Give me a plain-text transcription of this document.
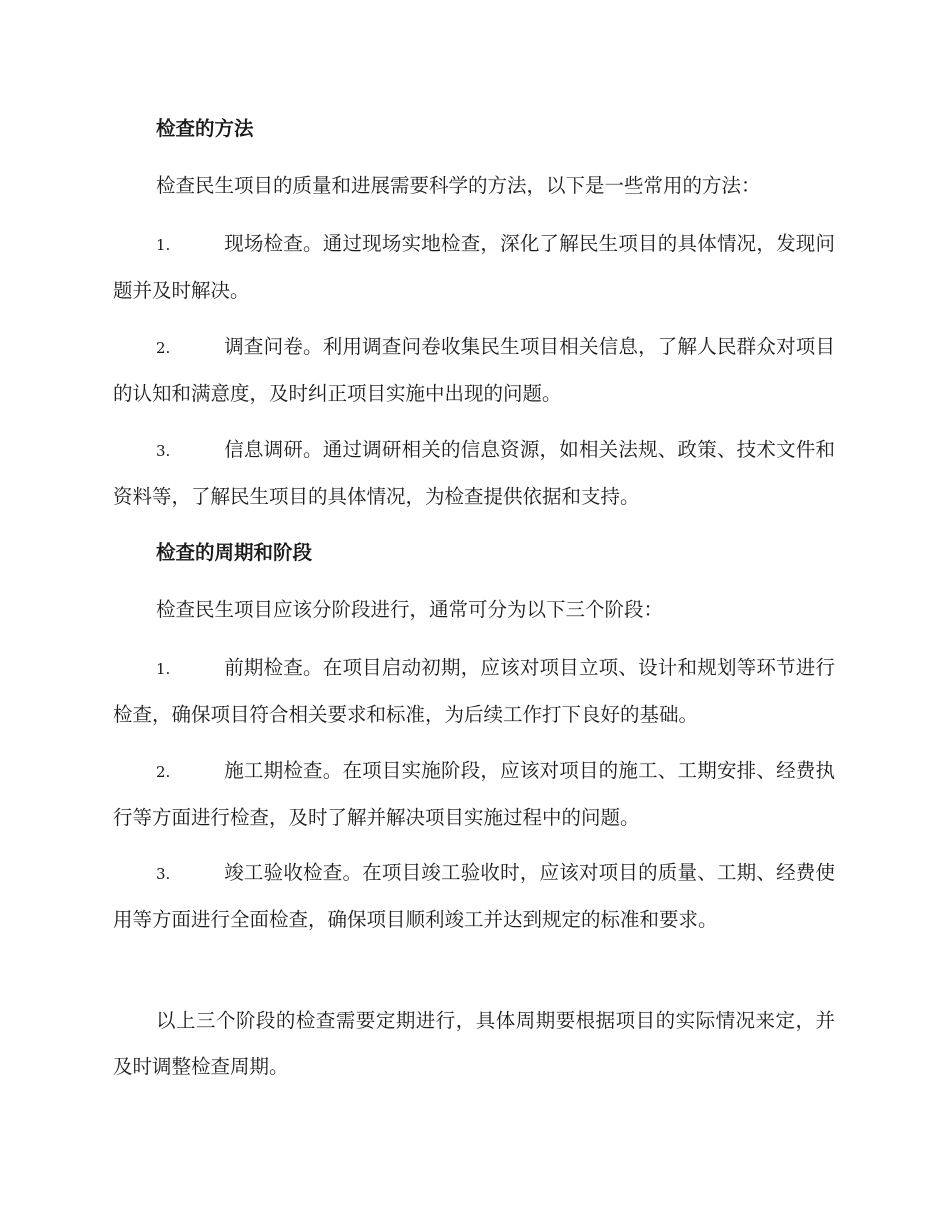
检查的方法

检查民生项目的质量和进展需要科学的方法，以下是一些常用的方法：

1.	现场检查。通过现场实地检查，深化了解民生项目的具体情况，发现问题并及时解决。

2.	调查问卷。利用调查问卷收集民生项目相关信息，了解人民群众对项目的认知和满意度，及时纠正项目实施中出现的问题。

3.	信息调研。通过调研相关的信息资源，如相关法规、政策、技术文件和资料等，了解民生项目的具体情况，为检查提供依据和支持。

检查的周期和阶段

检查民生项目应该分阶段进行，通常可分为以下三个阶段：

1.	前期检查。在项目启动初期，应该对项目立项、设计和规划等环节进行检查，确保项目符合相关要求和标准，为后续工作打下良好的基础。

2.	施工期检查。在项目实施阶段，应该对项目的施工、工期安排、经费执行等方面进行检查，及时了解并解决项目实施过程中的问题。

3.	竣工验收检查。在项目竣工验收时，应该对项目的质量、工期、经费使用等方面进行全面检查，确保项目顺利竣工并达到规定的标准和要求。

以上三个阶段的检查需要定期进行，具体周期要根据项目的实际情况来定，并及时调整检查周期。
